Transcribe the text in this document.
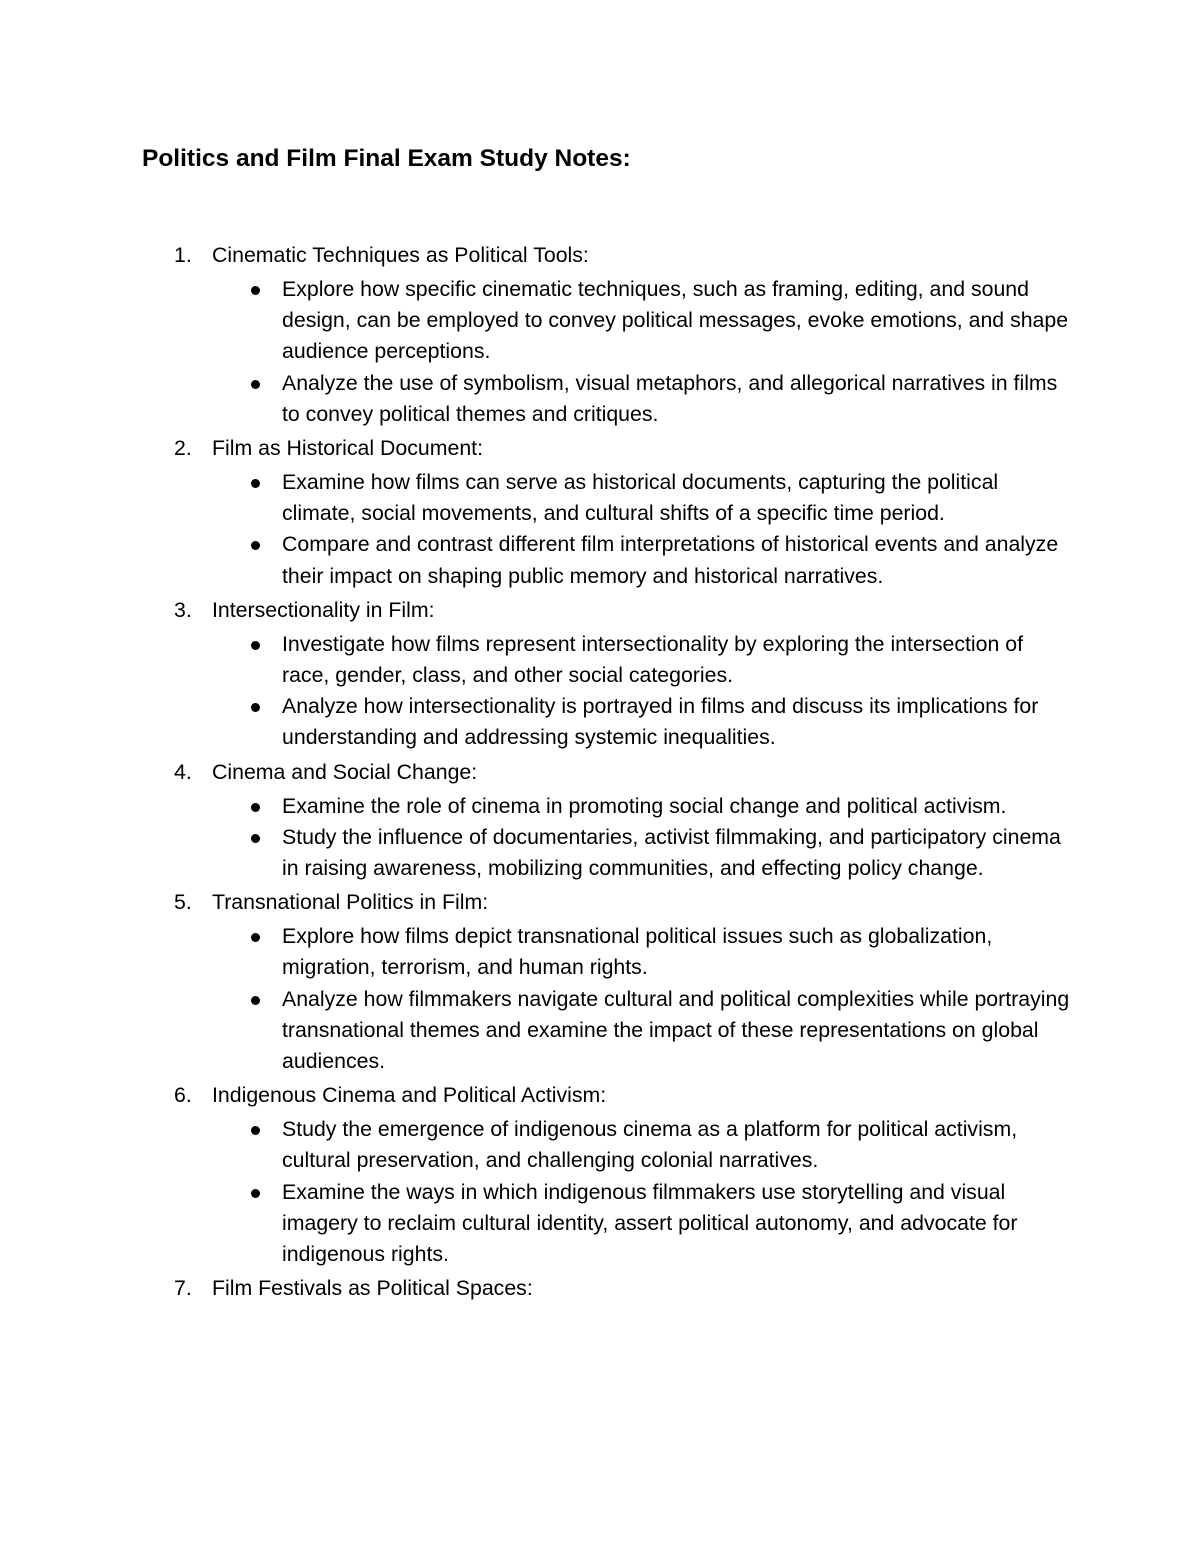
Politics and Film Final Exam Study Notes:
1. Cinematic Techniques as Political Tools:
Explore how specific cinematic techniques, such as framing, editing, and sound design, can be employed to convey political messages, evoke emotions, and shape audience perceptions.
Analyze the use of symbolism, visual metaphors, and allegorical narratives in films to convey political themes and critiques.
2. Film as Historical Document:
Examine how films can serve as historical documents, capturing the political climate, social movements, and cultural shifts of a specific time period.
Compare and contrast different film interpretations of historical events and analyze their impact on shaping public memory and historical narratives.
3. Intersectionality in Film:
Investigate how films represent intersectionality by exploring the intersection of race, gender, class, and other social categories.
Analyze how intersectionality is portrayed in films and discuss its implications for understanding and addressing systemic inequalities.
4. Cinema and Social Change:
Examine the role of cinema in promoting social change and political activism.
Study the influence of documentaries, activist filmmaking, and participatory cinema in raising awareness, mobilizing communities, and effecting policy change.
5. Transnational Politics in Film:
Explore how films depict transnational political issues such as globalization, migration, terrorism, and human rights.
Analyze how filmmakers navigate cultural and political complexities while portraying transnational themes and examine the impact of these representations on global audiences.
6. Indigenous Cinema and Political Activism:
Study the emergence of indigenous cinema as a platform for political activism, cultural preservation, and challenging colonial narratives.
Examine the ways in which indigenous filmmakers use storytelling and visual imagery to reclaim cultural identity, assert political autonomy, and advocate for indigenous rights.
7. Film Festivals as Political Spaces:
